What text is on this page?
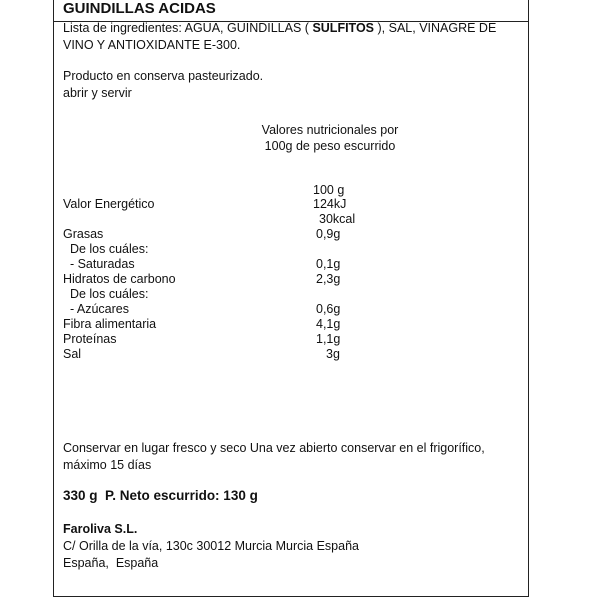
GUINDILLAS ACIDAS
Lista de ingredientes: AGUA, GUINDILLAS ( SULFITOS ), SAL, VINAGRE DE
VINO Y ANTIOXIDANTE E-300.
Producto en conserva pasteurizado.
abrir y servir
Valores nutricionales por
100g de peso escurrido
100 g
Valor Energético	124kJ
30kcal
Grasas	0,9g
De los cuáles:
- Saturadas	0,1g
Hidratos de carbono	2,3g
De los cuáles:
- Azúcares	0,6g
Fibra alimentaria	4,1g
Proteínas	1,1g
Sal	3g
Conservar en lugar fresco y seco Una vez abierto conservar en el frigorífico,
máximo 15 días
330 g  P. Neto escurrido: 130 g
Faroliva S.L.
C/ Orilla de la vía, 130c 30012 Murcia Murcia España
España,  España
